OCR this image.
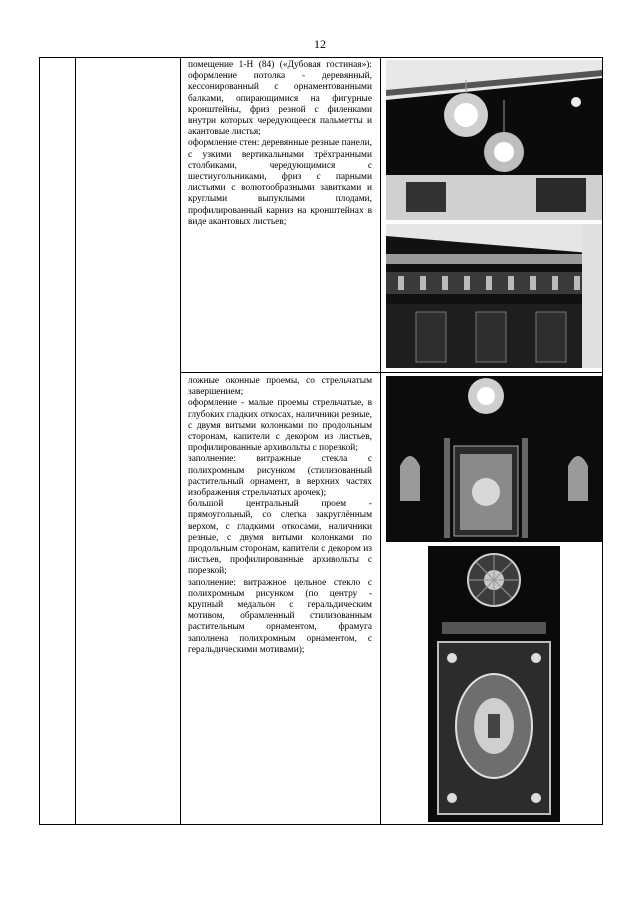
12

помещение 1-Н (84) («Дубовая гостиная»): оформление потолка - деревянный, кессонированный с орнаментованными балками, опирающимися на фигурные кронштейны, фриз резной с филенками внутри которых чередующееся пальметты и акантовые листья;

оформление стен: деревянные резные панели, с узкими вертикальными трёхгранными столбиками, чередующимися с шестиугольниками, фриз с парными листьями с волютообразными завитками и круглыми выпуклыми плодами, профилированный карниз на кронштейнах в виде акантовых листьев;

ложные оконные проемы, со стрельчатым завершением;

оформление - малые проемы стрельчатые, в глубоких гладких откосах, наличники резные, с двумя витыми колонками по продольным сторонам, капители с декором из листьев, профилированные архивольты с порезкой;

заполнение: витражные стекла с полихромным рисунком (стилизованный растительный орнамент, в верхних частях изображения стрельчатых арочек);

большой центральный проем - прямоугольный, со слегка закруглённым верхом, с гладкими откосами, наличники резные, с двумя витыми колонками по продольным сторонам, капители с декором из листьев, профилированные архивольты с порезкой;

заполнение: витражное цельное стекло с полихромным рисунком (по центру - крупный медальон с геральдическим мотивом, обрамленный стилизованным растительным орнаментом, фрамуга заполнена полихромным орнаментом, с геральдическими мотивами);
